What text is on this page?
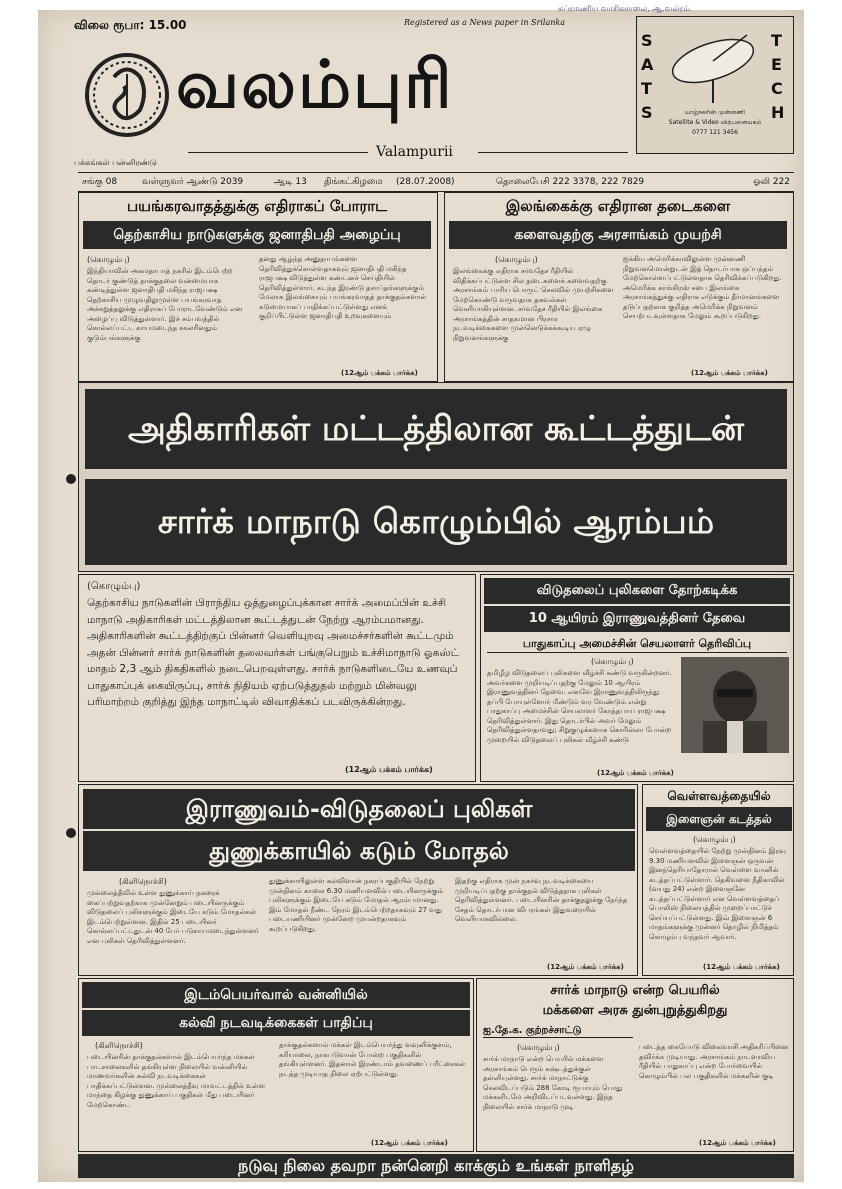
சுப்ரமணிய வாசிகசாலை, ஆ.வல்ரம்.
விலை ரூபா: 15.00	Registered as a News paper in Srilanka
வலம்புரி
Valampurii
பக்கங்கள் பன்னிரண்டு
SATS
TECH
யாழ்நகரின் முன்னணி
Satellite & Video விற்பனையகம்
0777 121 3456
சங்கு 08	வள்ளுவர் ஆண்டு 2039	ஆடி 13 திங்கட்கிழமை (28.07.2008)	தொலைபேசி 222 3378, 222 7829	ஓலி 222
பயங்கரவாதத்துக்கு எதிராகப் போராட
தெற்காசிய நாடுகளுக்கு ஜனாதிபதி அழைப்பு
(கொழும்பு)
இந்தியாவின் அகமதாபாத் நகரில் இடம்பெற்ற தொடர் குண்டுத் தாக்குதலை வன்மையாக கண்டித்துள்ள ஜனாதிபதி மகிந்த ராஜபக்ஷ தெற்காசிய முழுவதிலுமுள்ள பயங்கரவாத அச்சுறுத்தலுக்கு எதிராகப் போராடவேண்டும் என அழைப்பு விடுத்துள்ளார். இச் சம்பவத்தில் கொல்லப்பட்ட காயமடைந்த சகலரினதும் குடும்பங்களுக்கு
தனது ஆழ்ந்த அனுதாபங்களை தெரிவித்துக்கொள்வதாகவும் ஜனாதிபதி மகிந்த ராஜபக்ஷ விடுத்துள்ள கண்டனச் செய்தியில் தெரிவித்துள்ளார். கடந்த இரண்டு தசாப்தங்களுக்கும் மேலாக இலங்கையும் பயங்கரவாதத் தாக்குதல்களால் கடுமையாகப் பாதிக்கப்பட்டுள்ளது எனக் குறிப்பிட்டுள்ள ஜனாதிபதி உறவுகளையும்
(12ஆம் பக்கம் பார்க்க)
இலங்கைக்கு எதிரான தடைகளை
களைவதற்கு அரசாங்கம் முயற்சி
(கொழும்பு)
இலங்கைக்கு எதிராக சர்வதேச ரீதியில் விதிக்கப்பட்டுள்ள சில தடைகளைக் களைவதற்கு அரசாங்கம் பாரிய பொருட் செலவில் முயற்சிகளை மேற்கொண்டு வருவதாக தகவல்கள் வெளியாகியுள்ளன. சர்வதேச ரீதியில் இலங்கை அரசாங்கத்தின் சாதகமான பிரசார நடவடிக்கைகளை முன்னெடுக்கக்கூடிய ஏழு நிறுவனங்களுக்கு
ஐக்கிய அமெரிக்காவிலுள்ள முன்னணி நிறுவனமொன்றுடன் இத் தொடர்பாக ஒப்பந்தம் மேற்கொள்ளப்பட்டுள்ளதாக தெரிவிக்கப்படுகிறது. அமெரிக்க காங்கிரஸ் சபை இலங்கை அரசாங்கத்துக்கு எதிராக எடுக்கும் தீர்மானங்களை தடுப்பதற்காக குறித்த அமெரிக்க நிறுவனம் செயற்படவுள்ளதாக மேலும் கூறப்படுகிறது.
(12ஆம் பக்கம் பார்க்க)
அதிகாரிகள் மட்டத்திலான கூட்டத்துடன்
சார்க் மாநாடு கொழும்பில் ஆரம்பம்
(கொழும்பு)
தெற்காசிய நாடுகளின் பிராந்திய ஒத்துழைப்புக்கான சார்க் அமைப்பின் உச்சி மாநாடு அதிகாரிகள் மட்டத்திலான கூட்டத்துடன் நேற்று ஆரம்பமானது. அதிகாரிகளின் கூட்டத்திற்குப் பின்னர் வெளியுறவு அமைச்சர்களின் கூட்டமும் அதன் பின்னர் சார்க் நாடுகளின் தலைவர்கள் பங்குபெறும் உச்சிமாநாடு ஓகஸ்ட் மாதம் 2,3 ஆம் திகதிகளில் நடைபெறவுள்ளது. சார்க் நாடுகளிடையே உணவுப் பாதுகாப்புக் கையிருப்பு, சார்க் நிதியம் ஏற்படுத்துதல் மற்றும் மின்வலு பரிமாற்றம் குறித்து இந்த மாநாட்டில் விவாதிக்கப் படவிருக்கின்றது.
(12ஆம் பக்கம் பார்க்க)
விடுதலைப் புலிகளை தோற்கடிக்க
10 ஆயிரம் இராணுவத்தினர் தேவை
பாதுகாப்பு அமைச்சின் செயலாளர் தெரிவிப்பு
(கொழும்பு)
தமிழீழ விடுதலைப் புலிகளை வீழ்ச்சி கண்டு வருகின்றனர். அவர்களை முறியடிப்பதற்கு மேலும் 10 ஆயிரம் இராணுவத்தினர் தேவை. எனவே இராணுவத்திலிருந்து தப்பி போயுள்ளோர் மீண்டும் வர வேண்டும் என்று பாதுகாப்பு அமைச்சின் செயலாளர் கோத்தபாய ராஜபக்ஷ தெரிவித்துள்ளார். இது தொடர்பில் அவர் மேலும் தெரிவித்துள்ளதாவது; சிறுகுழுக்களாக கொரில்லா போன்ற முறையில் விடுதலைப் புலிகள் வீழ்ச்சி கண்டு
(12ஆம் பக்கம் பார்க்க)
இராணுவம்-விடுதலைப் புலிகள்
துணுக்காயில் கடும் மோதல்
(கிளிநொச்சி)
முல்லைத்தீவில் உள்ள துணுக்காய் நகரைக் கைப்பற்றுவதற்காக முன்னேறும் படையினருக்கும் விடுதலைப் புலிகளுக்கும் இடையே கடும் மோதல்கள் இடம்பெற்றுள்ளன. இதில் 25 படையினர் கொல்லப்பட்டதுடன் 40 பேர் படுகாயமடைந்துள்ளனர் என புலிகள் தெரிவித்துள்ளனர்.
துணுக்காயிலுள்ள கல்விளான் நகரப்பகுதியில் நேற்று முன்தினம் காலை 6.30 மணியளவில் படையினருக்கும் புலிகளுக்கும் இடையே கடும் மோதல் ஆரம்பமானது. இம் மோதல் நீண்ட நேரம் இடம்பெற்றதாகவும் 27 வது படையணியினர் முன்னேற முயன்றதாகவும் கூறப்படுகிறது.
இதற்கு எதிராக முன் நகர்வு நடவடிக்கையை முறியடிப்பதற்கு தாக்குதல் விடுத்ததாக புலிகள் தெரிவித்துள்ளனர். படையினரின் தாக்குதலுக்கு நேர்ந்த சேதம் தொடர்பான விபரங்கள் இதுவரையில் வெளியாகவில்லை.
(12ஆம் பக்கம் பார்க்க)
வெள்ளவத்தையில்
இளைஞன் கடத்தல்
(கொழும்பு)
வெள்ளவத்தையில் நேற்று முன்தினம் இரவு 9.30 மணியளவில் இளைஞன் ஒருவன் இனந்தெரியாதோரால் வெள்ளை வானில் கடத்தப்பட்டுள்ளார். தெகிவளை நீதிகாவில் (வயது 24) என்ற இளைஞனே கடத்தப்பட்டுள்ளார் என வெள்ளவத்தைப் பொலிஸ் நிலையத்தில் முறைப்பாட்டுச் செய்யப்பட்டுள்ளது. இவ் இளைஞன் 6 மாதங்களுக்கு முன்னர் தொழில் நிமித்தம் கொழும்பு வந்தவர் ஆவார்.
(12ஆம் பக்கம் பார்க்க)
இடம்பெயர்வால் வன்னியில்
கல்வி நடவடிக்கைகள் பாதிப்பு
(கிளிநொச்சி)
படையினரின் தாக்குதல்களால் இடம்பெயர்ந்த மக்கள் பாடசாலைகளில் தங்கியுள்ள நிலையில் வன்னியில் மாணவர்களின் கல்வி நடவடிக்கைகள் பாதிக்கப்பட்டுள்ளன. முல்லைத்தீவு மாவட்டத்தில் உள்ள மாந்தை கிழக்கு துணுக்காய் பகுதிகள் மீது படையினர் மேற்கொண்ட
தாக்குதல்களால் மக்கள் இடம்பெயர்ந்து வவுனிக்குளம், கரியாலை, நாகபடுவான் போன்ற பகுதிகளில் தங்கியுள்ளனர். இதனால் இரண்டாம் தவணைப் பரீட்சைகள் நடத்த முடியாத நிலை ஏற்பட்டுள்ளது.
(12ஆம் பக்கம் பார்க்க)
சார்க் மாநாடு என்ற பெயரில்
மக்களை அரசு துன்புறுத்துகிறது
ஐ.தே.க. குற்றச்சாட்டு
(கொழும்பு)
சார்க் மாநாடு என்ற பெயரில் மக்களை அரசாங்கம் பெரும் கஷ்டத்துக்குள் தள்ளியுள்ளது. சார்க் மாநாட்டுக்கு செலவிடப்படும் 288 கோடி ரூபாயும் பொது மக்களிடமே அறிவிடப்படவுள்ளது. இந்த நிலையில் சார்க் மாநாடு முடி
படைத்த கையோடு விலைவாசி அதிகரிப்பினை தவிர்க்க முடியாது. அரசாங்கம் நாடளாவிய ரீதியில் பாதுகாப்பு என்ற போர்வையில் கொழும்பில் பல பகுதிகளில் மக்களின் குடி
(12ஆம் பக்கம் பார்க்க)
நடுவு நிலை தவறா நன்னெறி காக்கும் உங்கள் நாளிதழ்
